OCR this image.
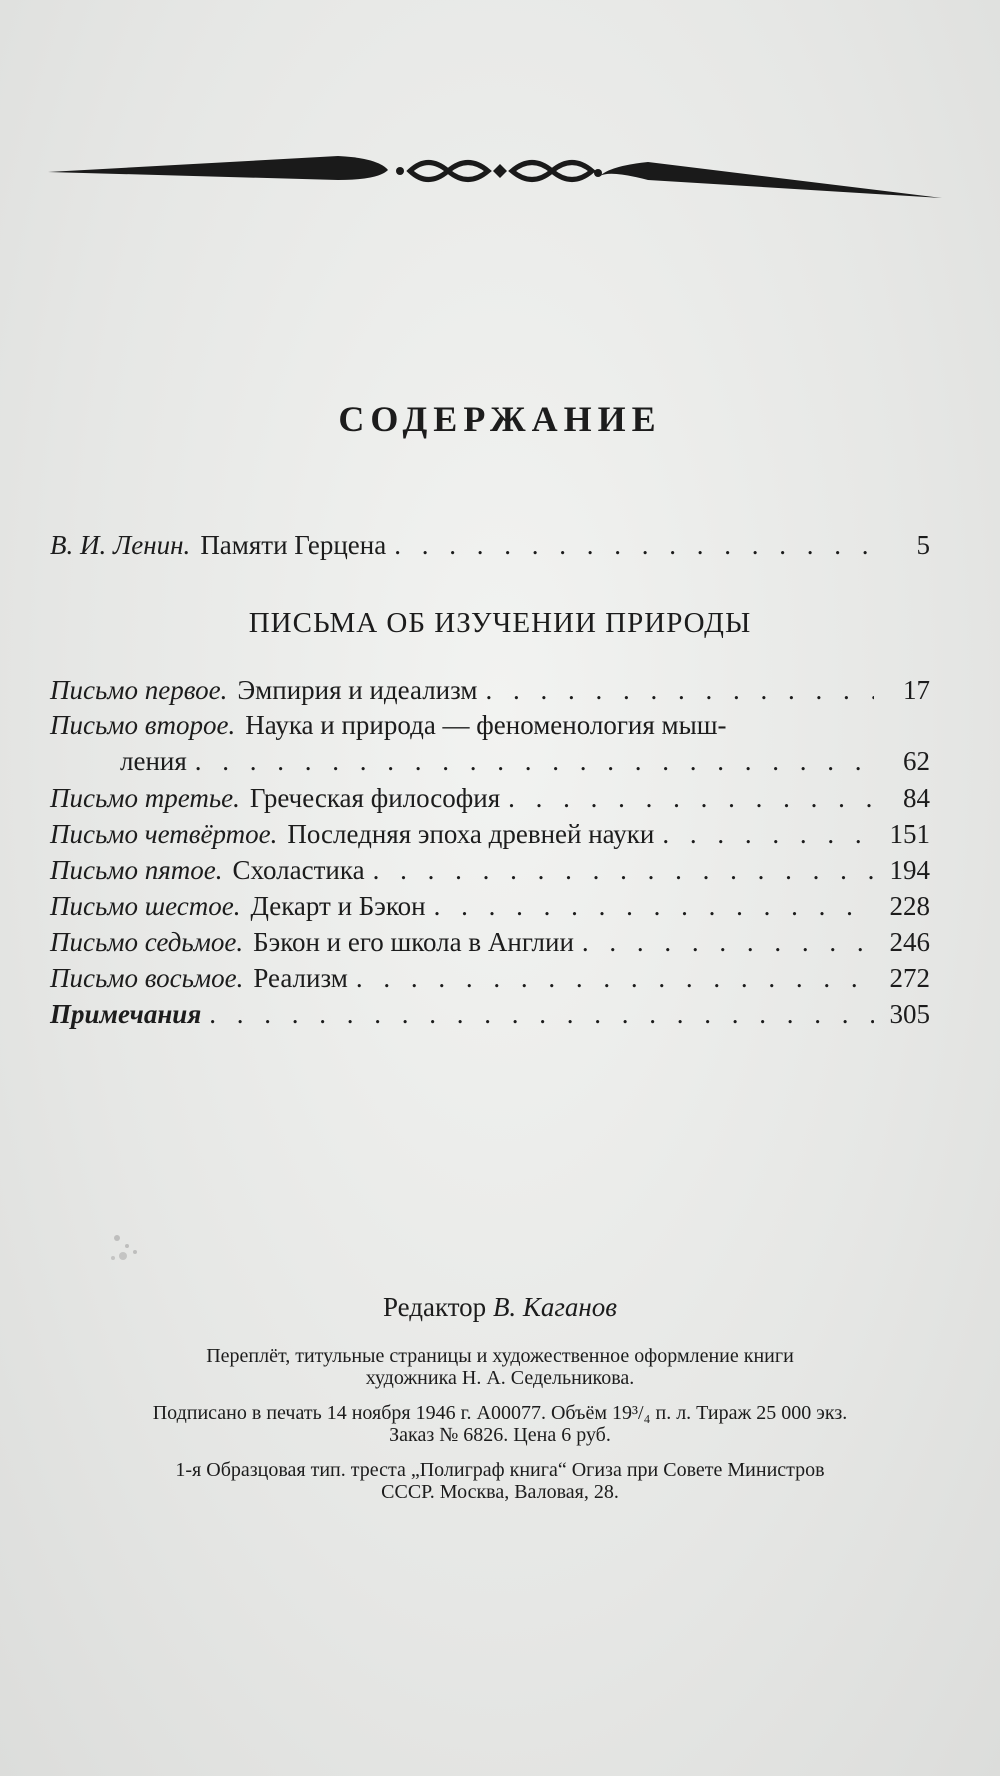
СОДЕРЖАНИЕ
В. И. Ленин. Памяти Герцена . . .	5
ПИСЬМА ОБ ИЗУЧЕНИИ ПРИРОДЫ
Письмо первое. Эмпирия и идеализм . . .	17
Письмо второе. Наука и природа — феноменология мыш-
ления . . .	62
Письмо третье. Греческая философия . . .	84
Письмо четвёртое. Последняя эпоха древней науки . . .	151
Письмо пятое. Схоластика . . .	194
Письмо шестое. Декарт и Бэкон . . .	228
Письмо седьмое. Бэкон и его школа в Англии . . .	246
Письмо восьмое. Реализм . . .	272
Примечания . . .	305
Редактор В. Каганов
Переплёт, титульные страницы и художественное оформление книги
художника Н. А. Седельникова.
Подписано в печать 14 ноября 1946 г. А00077. Объём 19³/₄ п. л. Тираж 25 000 экз.
Заказ № 6826. Цена 6 руб.
1-я Образцовая тип. треста „Полиграф книга“ Огиза при Совете Министров
СССР. Москва, Валовая, 28.
